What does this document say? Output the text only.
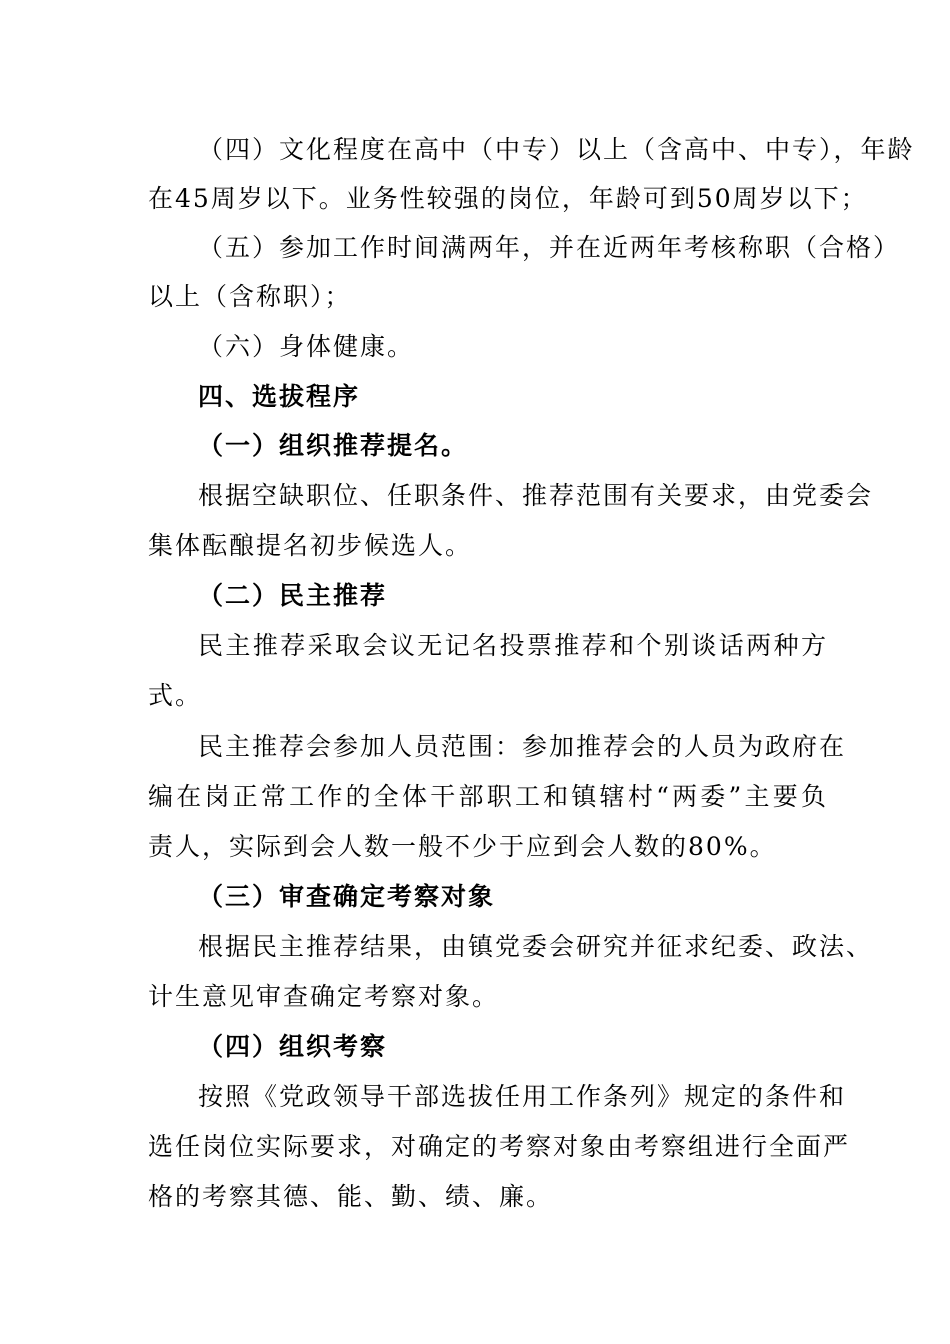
（四）文化程度在高中（中专）以上（含高中、中专），年龄
在45周岁以下。业务性较强的岗位，年龄可到50周岁以下；
（五）参加工作时间满两年，并在近两年考核称职（合格）
以上（含称职）；
（六）身体健康。
四、选拔程序
（一）组织推荐提名。
根据空缺职位、任职条件、推荐范围有关要求，由党委会
集体酝酿提名初步候选人。
（二）民主推荐
民主推荐采取会议无记名投票推荐和个别谈话两种方
式。
民主推荐会参加人员范围：参加推荐会的人员为政府在
编在岗正常工作的全体干部职工和镇辖村“两委”主要负
责人，实际到会人数一般不少于应到会人数的80%。
（三）审查确定考察对象
根据民主推荐结果，由镇党委会研究并征求纪委、政法、
计生意见审查确定考察对象。
（四）组织考察
按照《党政领导干部选拔任用工作条列》规定的条件和
选任岗位实际要求，对确定的考察对象由考察组进行全面严
格的考察其德、能、勤、绩、廉。
